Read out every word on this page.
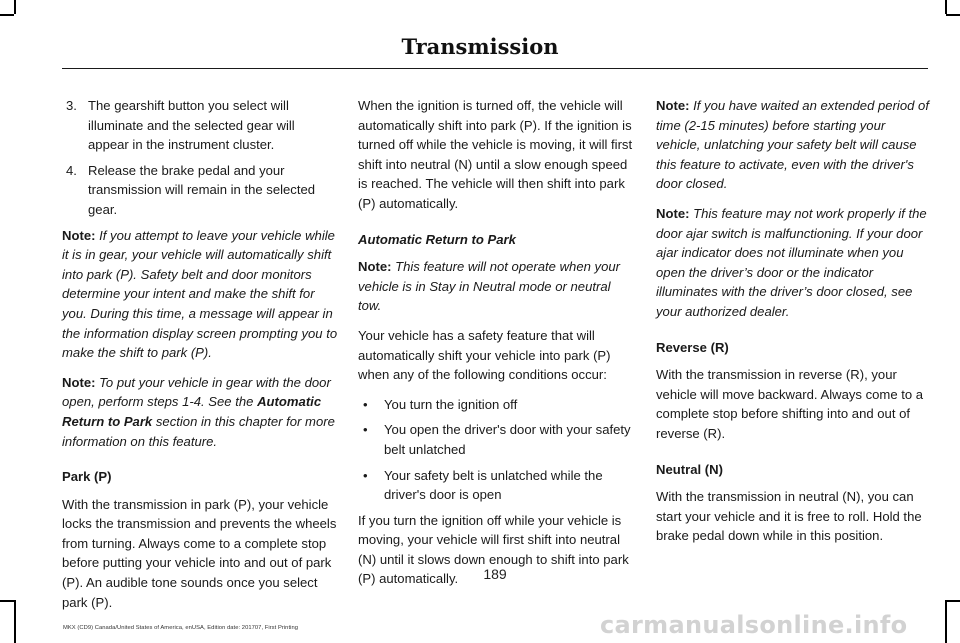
Transmission
3. The gearshift button you select will illuminate and the selected gear will appear in the instrument cluster.
4. Release the brake pedal and your transmission will remain in the selected gear.

Note: If you attempt to leave your vehicle while it is in gear, your vehicle will automatically shift into park (P). Safety belt and door monitors determine your intent and make the shift for you. During this time, a message will appear in the information display screen prompting you to make the shift to park (P).

Note: To put your vehicle in gear with the door open, perform steps 1-4. See the Automatic Return to Park section in this chapter for more information on this feature.

Park (P)

With the transmission in park (P), your vehicle locks the transmission and prevents the wheels from turning. Always come to a complete stop before putting your vehicle into and out of park (P). An audible tone sounds once you select park (P).

When the ignition is turned off, the vehicle will automatically shift into park (P). If the ignition is turned off while the vehicle is moving, it will first shift into neutral (N) until a slow enough speed is reached. The vehicle will then shift into park (P) automatically.

Automatic Return to Park

Note: This feature will not operate when your vehicle is in Stay in Neutral mode or neutral tow.

Your vehicle has a safety feature that will automatically shift your vehicle into park (P) when any of the following conditions occur:

• You turn the ignition off
• You open the driver's door with your safety belt unlatched
• Your safety belt is unlatched while the driver's door is open

If you turn the ignition off while your vehicle is moving, your vehicle will first shift into neutral (N) until it slows down enough to shift into park (P) automatically.

Note: If you have waited an extended period of time (2-15 minutes) before starting your vehicle, unlatching your safety belt will cause this feature to activate, even with the driver's door closed.

Note: This feature may not work properly if the door ajar switch is malfunctioning. If your door ajar indicator does not illuminate when you open the driver’s door or the indicator illuminates with the driver’s door closed, see your authorized dealer.

Reverse (R)

With the transmission in reverse (R), your vehicle will move backward. Always come to a complete stop before shifting into and out of reverse (R).

Neutral (N)

With the transmission in neutral (N), you can start your vehicle and it is free to roll. Hold the brake pedal down while in this position.

189
MKX (CD9) Canada/United States of America, enUSA, Edition date: 201707, First Printing	carmanualsonline.info
